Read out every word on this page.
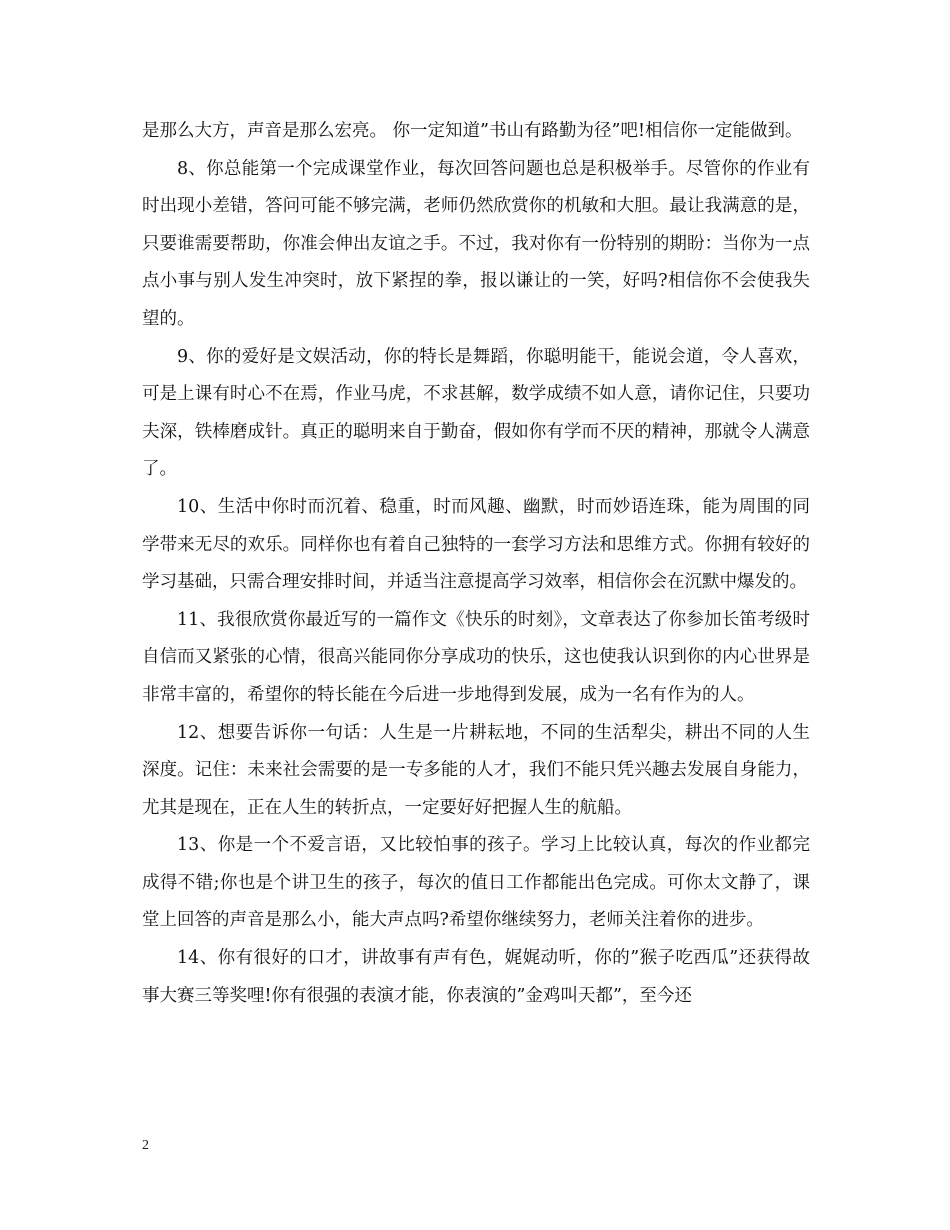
是那么大方，声音是那么宏亮。 你一定知道”书山有路勤为径”吧!相信你一定能做到。

8、你总能第一个完成课堂作业，每次回答问题也总是积极举手。尽管你的作业有时出现小差错，答问可能不够完满，老师仍然欣赏你的机敏和大胆。最让我满意的是，只要谁需要帮助，你准会伸出友谊之手。不过，我对你有一份特别的期盼：当你为一点点小事与别人发生冲突时，放下紧捏的拳，报以谦让的一笑，好吗?相信你不会使我失望的。

9、你的爱好是文娱活动，你的特长是舞蹈，你聪明能干，能说会道，令人喜欢，可是上课有时心不在焉，作业马虎，不求甚解，数学成绩不如人意，请你记住，只要功夫深，铁棒磨成针。真正的聪明来自于勤奋，假如你有学而不厌的精神，那就令人满意了。

10、生活中你时而沉着、稳重，时而风趣、幽默，时而妙语连珠，能为周围的同学带来无尽的欢乐。同样你也有着自己独特的一套学习方法和思维方式。你拥有较好的学习基础，只需合理安排时间，并适当注意提高学习效率，相信你会在沉默中爆发的。

11、我很欣赏你最近写的一篇作文《快乐的时刻》，文章表达了你参加长笛考级时自信而又紧张的心情，很高兴能同你分享成功的快乐，这也使我认识到你的内心世界是非常丰富的，希望你的特长能在今后进一步地得到发展，成为一名有作为的人。

12、想要告诉你一句话：人生是一片耕耘地，不同的生活犁尖，耕出不同的人生深度。记住：未来社会需要的是一专多能的人才，我们不能只凭兴趣去发展自身能力，尤其是现在，正在人生的转折点，一定要好好把握人生的航船。

13、你是一个不爱言语，又比较怕事的孩子。学习上比较认真，每次的作业都完成得不错;你也是个讲卫生的孩子，每次的值日工作都能出色完成。可你太文静了，课堂上回答的声音是那么小，能大声点吗?希望你继续努力，老师关注着你的进步。

14、你有很好的口才，讲故事有声有色，娓娓动听，你的”猴子吃西瓜”还获得故事大赛三等奖哩!你有很强的表演才能，你表演的”金鸡叫天都”，至今还

2
